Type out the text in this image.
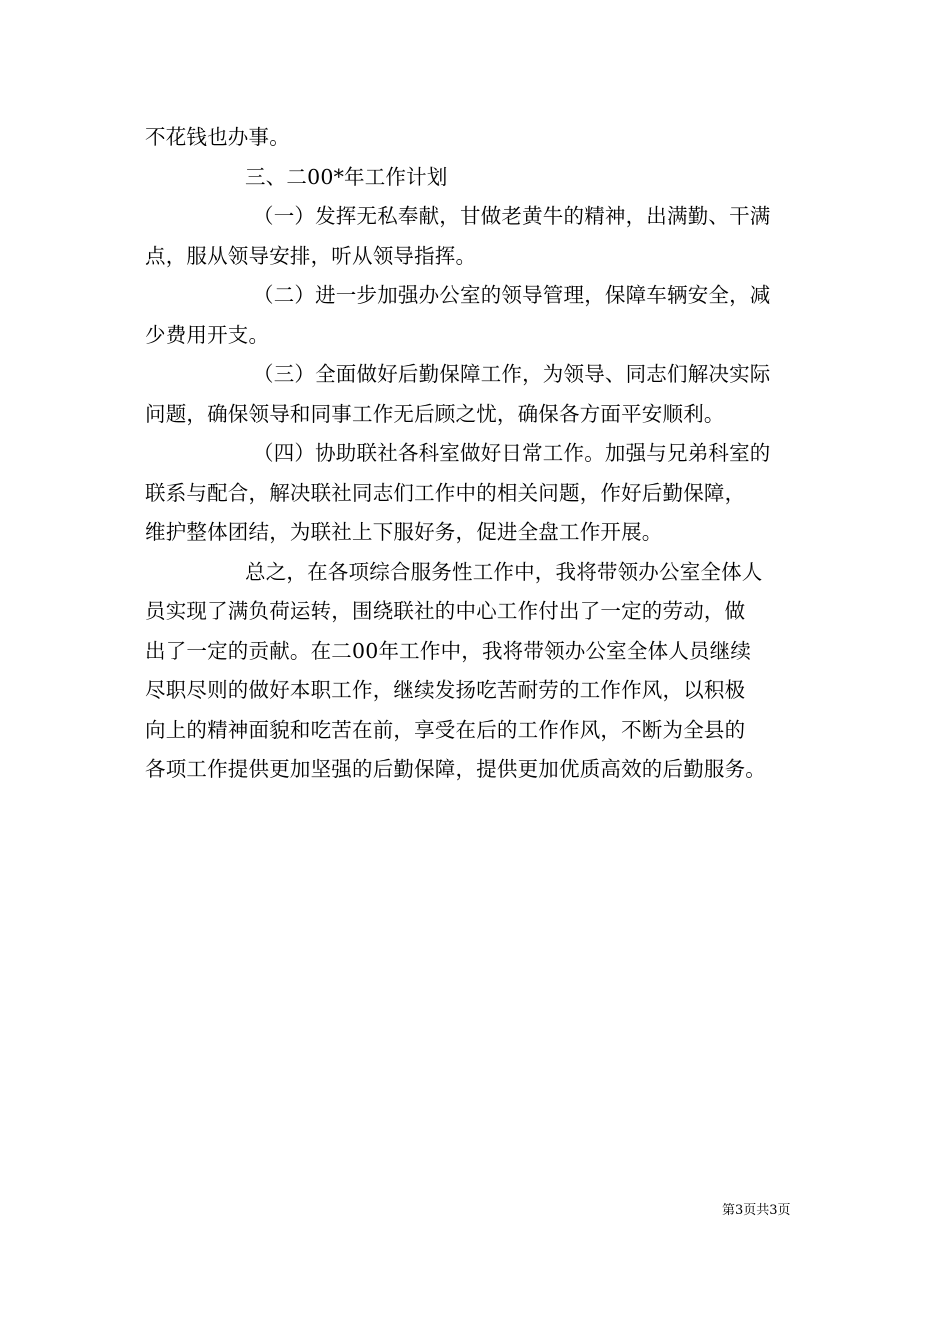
不花钱也办事。
三、二00*年工作计划
（一）发挥无私奉献，甘做老黄牛的精神，出满勤、干满
点，服从领导安排，听从领导指挥。
（二）进一步加强办公室的领导管理，保障车辆安全，减
少费用开支。
（三）全面做好后勤保障工作，为领导、同志们解决实际
问题，确保领导和同事工作无后顾之忧，确保各方面平安顺利。
（四）协助联社各科室做好日常工作。加强与兄弟科室的
联系与配合，解决联社同志们工作中的相关问题，作好后勤保障，
维护整体团结，为联社上下服好务，促进全盘工作开展。
总之，在各项综合服务性工作中，我将带领办公室全体人
员实现了满负荷运转，围绕联社的中心工作付出了一定的劳动，做
出了一定的贡献。在二00年工作中，我将带领办公室全体人员继续
尽职尽则的做好本职工作，继续发扬吃苦耐劳的工作作风，以积极
向上的精神面貌和吃苦在前，享受在后的工作作风，不断为全县的
各项工作提供更加坚强的后勤保障，提供更加优质高效的后勤服务。
第3页共3页
